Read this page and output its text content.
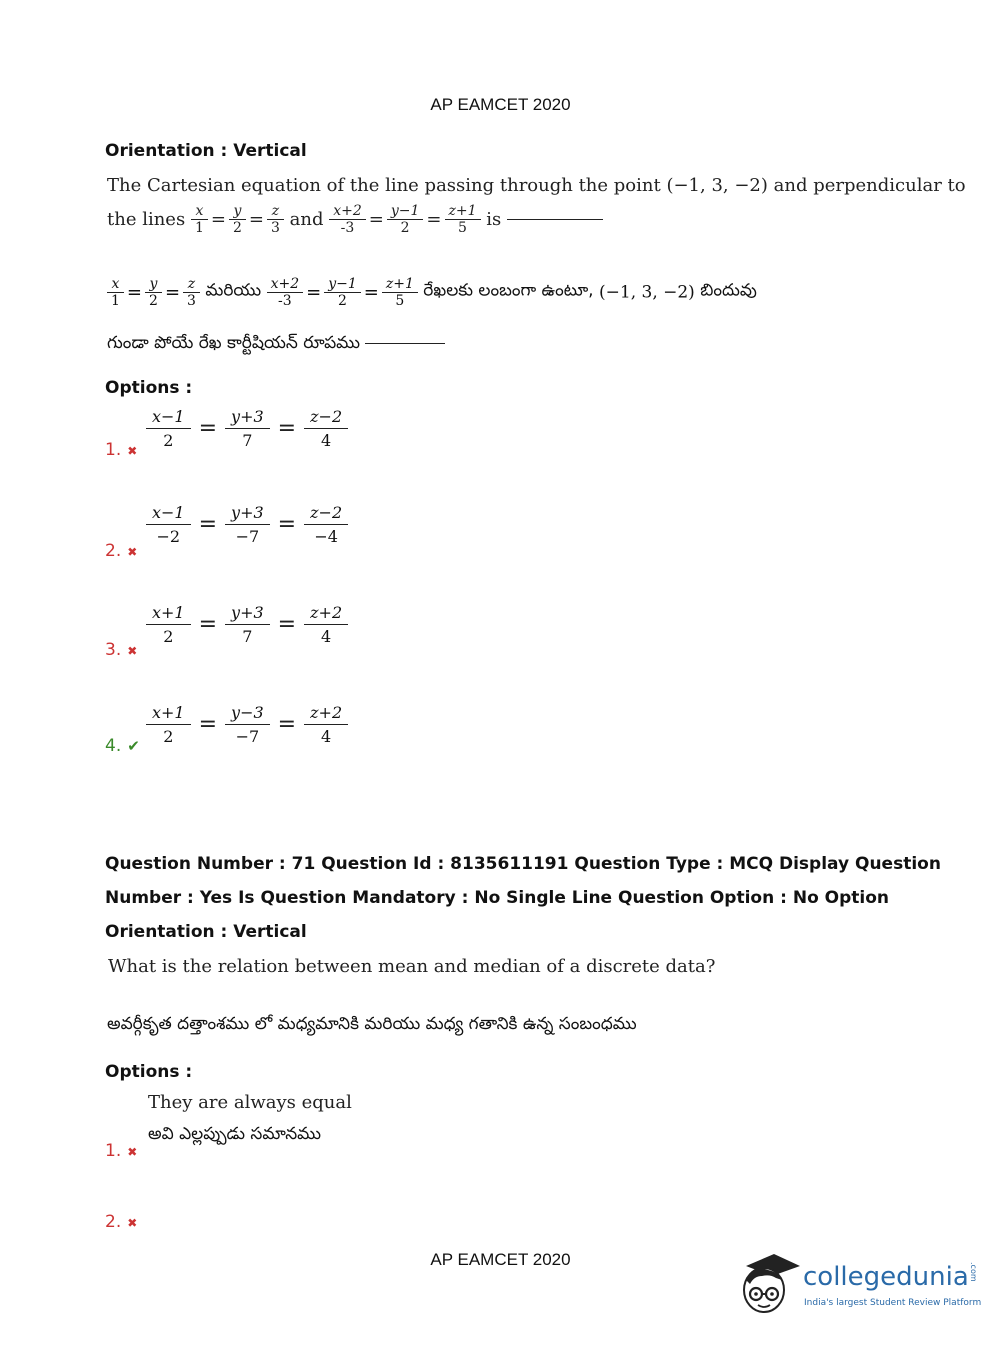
AP EAMCET 2020
Orientation : Vertical
The Cartesian equation of the line passing through the point (−1, 3, −2) and perpendicular to
the lines $\frac{x}{1} = \frac{y}{2} = \frac{z}{3}$ and $\frac{x+2}{-3} = \frac{y-1}{2} = \frac{z+1}{5}$ is
$\frac{x}{1} = \frac{y}{2} = \frac{z}{3}$ మరియు $\frac{x+2}{-3} = \frac{y-1}{2} = \frac{z+1}{5}$ రేఖలకు లంబంగా ఉంటూ, (−1, 3, −2) బిందువు
గుండా పోయే రేఖ కార్టీషియన్ రూపము
Options :
1. ✖ $\frac{x-1}{2} = \frac{y+3}{7} = \frac{z-2}{4}$
2. ✖
$\frac{x-1}{-2} = \frac{y+3}{-7} = \frac{z-2}{-4}$
3. ✖
$\frac{x+1}{2} = \frac{y+3}{7} = \frac{z+2}{4}$
4. ✔ $\frac{x+1}{2} = \frac{y-3}{-7} = \frac{z+2}{4}$
Question Number : 71 Question Id : 8135611191 Question Type : MCQ Display Question
Number : Yes Is Question Mandatory : No Single Line Question Option : No Option
Orientation : Vertical
What is the relation between mean and median of a discrete data?
అవర్గీకృత దత్తాంశము లో మధ్యమానికి మరియు మధ్య గతానికి ఉన్న సంబంధము
Options :
They are always equal
అవి ఎల్లప్పుడు సమానము
1. ✖
2. ✖
AP EAMCET 2020
collegedunia.com
India's largest Student Review Platform
